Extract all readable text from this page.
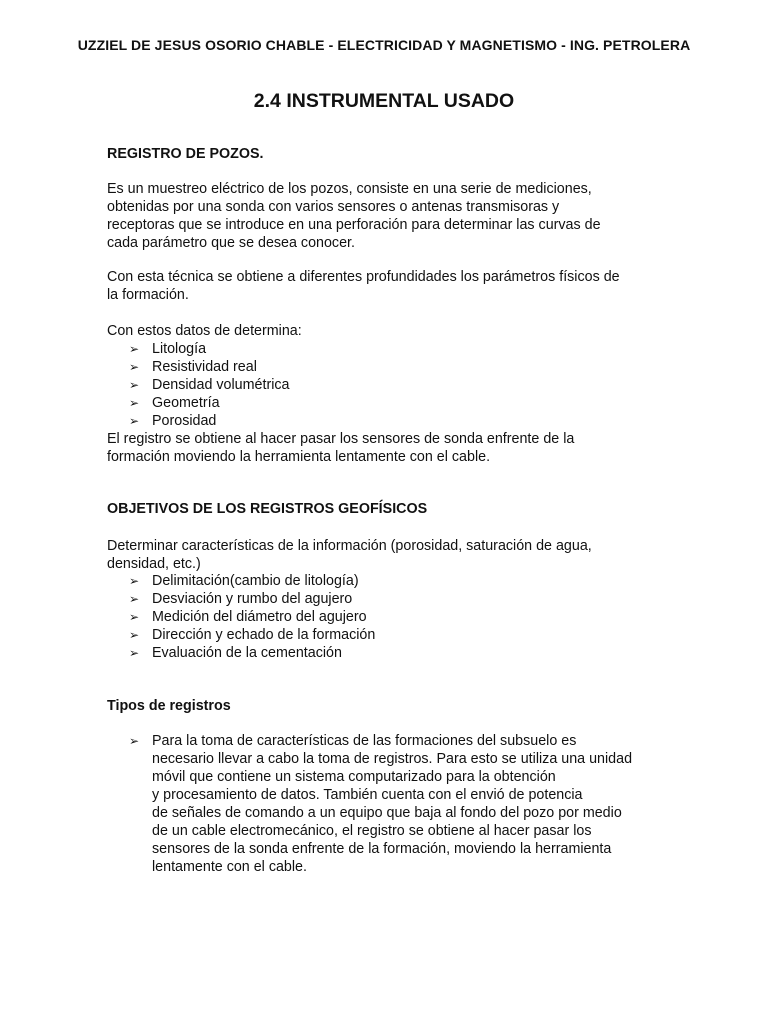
UZZIEL DE JESUS OSORIO CHABLE - ELECTRICIDAD Y MAGNETISMO - ING. PETROLERA
2.4 INSTRUMENTAL USADO
REGISTRO DE POZOS.
Es un muestreo eléctrico de los pozos, consiste en una serie de mediciones,
obtenidas por una sonda con varios sensores o antenas transmisoras y
receptoras que se introduce en una perforación para determinar las curvas de
cada parámetro que se desea conocer.
Con esta técnica se obtiene a diferentes profundidades los parámetros físicos de
la formación.
Con estos datos de determina:
➢ Litología
➢ Resistividad real
➢ Densidad volumétrica
➢ Geometría
➢ Porosidad
El registro se obtiene al hacer pasar los sensores de sonda enfrente de la
formación moviendo la herramienta lentamente con el cable.
OBJETIVOS DE LOS REGISTROS GEOFÍSICOS
Determinar características de la información (porosidad, saturación de agua,
densidad, etc.)
➢ Delimitación(cambio de litología)
➢ Desviación y rumbo del agujero
➢ Medición del diámetro del agujero
➢ Dirección y echado de la formación
➢ Evaluación de la cementación
Tipos de registros
➢ Para la toma de características de las formaciones del subsuelo es
necesario llevar a cabo la toma de registros. Para esto se utiliza una unidad
móvil que contiene un sistema computarizado para la obtención
y procesamiento de datos. También cuenta con el envió de potencia
de señales de comando a un equipo que baja al fondo del pozo por medio
de un cable electromecánico, el registro se obtiene al hacer pasar los
sensores de la sonda enfrente de la formación, moviendo la herramienta
lentamente con el cable.
